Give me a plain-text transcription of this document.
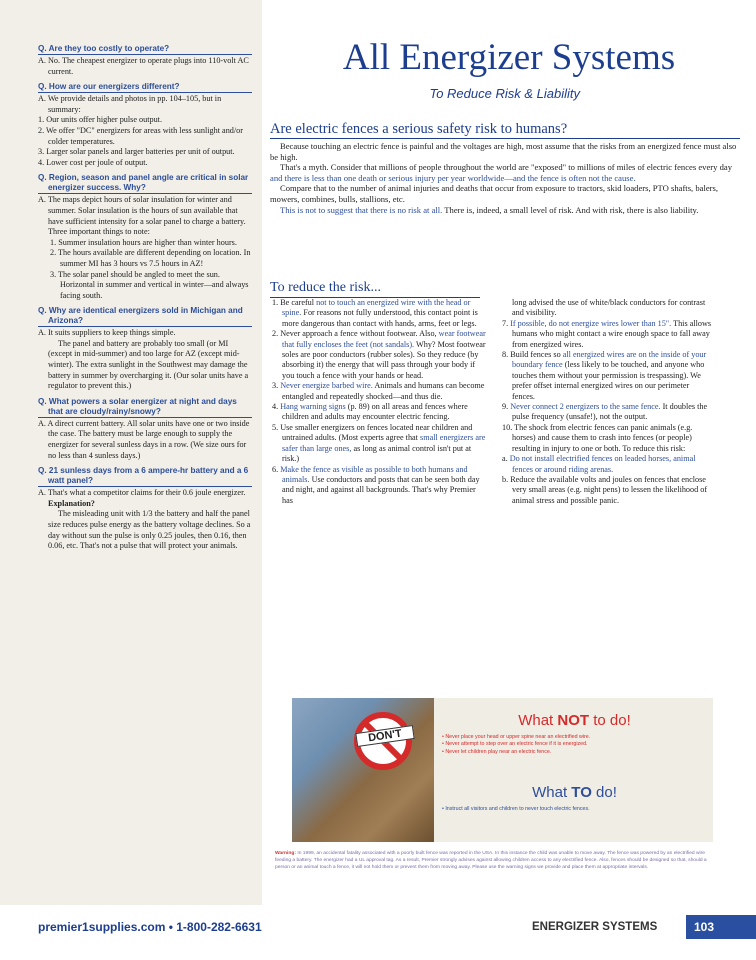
Q. Are they too costly to operate?
A. No. The cheapest energizer to operate plugs into 110-volt AC current.
Q. How are our energizers different?
A. We provide details and photos in pp. 104–105, but in summary:
1. Our units offer higher pulse output.
2. We offer "DC" energizers for areas with less sunlight and/or colder temperatures.
3. Larger solar panels and larger batteries per unit of output.
4. Lower cost per joule of output.
Q. Region, season and panel angle are critical in solar energizer success. Why?
A. The maps depict hours of solar insulation for winter and summer. Solar insulation is the hours of sun available that have sufficient intensity for a solar panel to charge a battery. Three important things to note:
1. Summer insulation hours are higher than winter hours.
2. The hours available are different depending on location. In summer MI has 3 hours vs 7.5 hours in AZ!
3. The solar panel should be angled to meet the sun. Horizontal in summer and vertical in winter—and always facing south.
Q. Why are identical energizers sold in Michigan and Arizona?
A. It suits suppliers to keep things simple.
The panel and battery are probably too small (or MI (except in mid-summer) and too large for AZ (except mid-winter). The extra sunlight in the Southwest may damage the battery in summer by overcharging it. (Our solar units have a regulator to prevent this.)
Q. What powers a solar energizer at night and days that are cloudy/rainy/snowy?
A. A direct current battery. All solar units have one or two inside the case. The battery must be large enough to supply the energizer for several sunless days in a row. (We size ours for no less than 4 sunless days.)
Q. 21 sunless days from a 6 ampere-hr battery and a 6 watt panel?
A. That's what a competitor claims for their 0.6 joule energizer.
Explanation?
The misleading unit with 1/3 the battery and half the panel size reduces pulse energy as the battery voltage declines. So a day without sun the pulse is only 0.25 joules, then 0.16, then 0.06, etc. That's not a pulse that will protect your animals.
All Energizer Systems
To Reduce Risk & Liability
Are electric fences a serious safety risk to humans?

Because touching an electric fence is painful and the voltages are high, most assume that the risks from an energized fence must also be high.

That's a myth. Consider that millions of people throughout the world are "exposed" to millions of miles of electric fences every day and there is less than one death or serious injury per year worldwide—and the fence is often not the cause.

Compare that to the number of animal injuries and deaths that occur from exposure to tractors, skid loaders, PTO shafts, balers, mowers, combines, bulls, stallions, etc.

This is not to suggest that there is no risk at all. There is, indeed, a small level of risk. And with risk, there is also liability.

To reduce the risk...
1. Be careful not to touch an energized wire with the head or spine. For reasons not fully understood, this contact point is more dangerous than contact with hands, arms, feet or legs.
2. Never approach a fence without footwear. Also, wear footwear that fully encloses the feet (not sandals). Why? Most footwear soles are poor conductors (rubber soles). So they reduce (by absorbing it) the energy that will pass through your body if you touch a fence with your hands or head.
3. Never energize barbed wire. Animals and humans can become entangled and repeatedly shocked—and thus die.
4. Hang warning signs (p. 89) on all areas and fences where children and adults may encounter electric fencing.
5. Use smaller energizers on fences located near children and untrained adults. (Most experts agree that small energizers are safer than large ones, as long as animal control isn't put at risk.)
6. Make the fence as visible as possible to both humans and animals. Use conductors and posts that can be seen both day and night, and against all backgrounds. That's why Premier has
long advised the use of white/black conductors for contrast and visibility.
7. If possible, do not energize wires lower than 15". This allows humans who might contact a wire enough space to fall away from energized wires.
8. Build fences so all energized wires are on the inside of your boundary fence (less likely to be touched, and anyone who touches them without your permission is trespassing). We prefer offset internal energized wires on our perimeter fences.
9. Never connect 2 energizers to the same fence. It doubles the pulse frequency (unsafe!), not the output.
10. The shock from electric fences can panic animals (e.g. horses) and cause them to crash into fences (or people) resulting in injury to one or both. To reduce this risk:
a. Do not install electrified fences on leaded horses, animal fences or around riding arenas.
b. Reduce the available volts and joules on fences that enclose very small areas (e.g. night pens) to lessen the likelihood of animal stress and possible panic.
DON'T
What NOT to do!
• Never place your head or upper spine near an electrified wire.
• Never attempt to step over an electric fence if it is energized.
• Never let children play near an electric fence.
What TO do!
• Instruct all visitors and children to never touch electric fences.
Warning: In 1999, an accidental fatality associated with a poorly built fence was reported in the USA. In this instance the child was unable to move away. The fence was powered by an electrified wire feeding a battery. The energizer had a UL approval tag. As a result, Premier strongly advises against allowing children access to any electrified fence. Also, fences should be designed so that, should a person or an animal touch a fence, it will not hold them or prevent them from moving away. Please use the warning signs we provide and place them at appropriate intervals.
premier1supplies.com • 1-800-282-6631	ENERGIZER SYSTEMS	103
